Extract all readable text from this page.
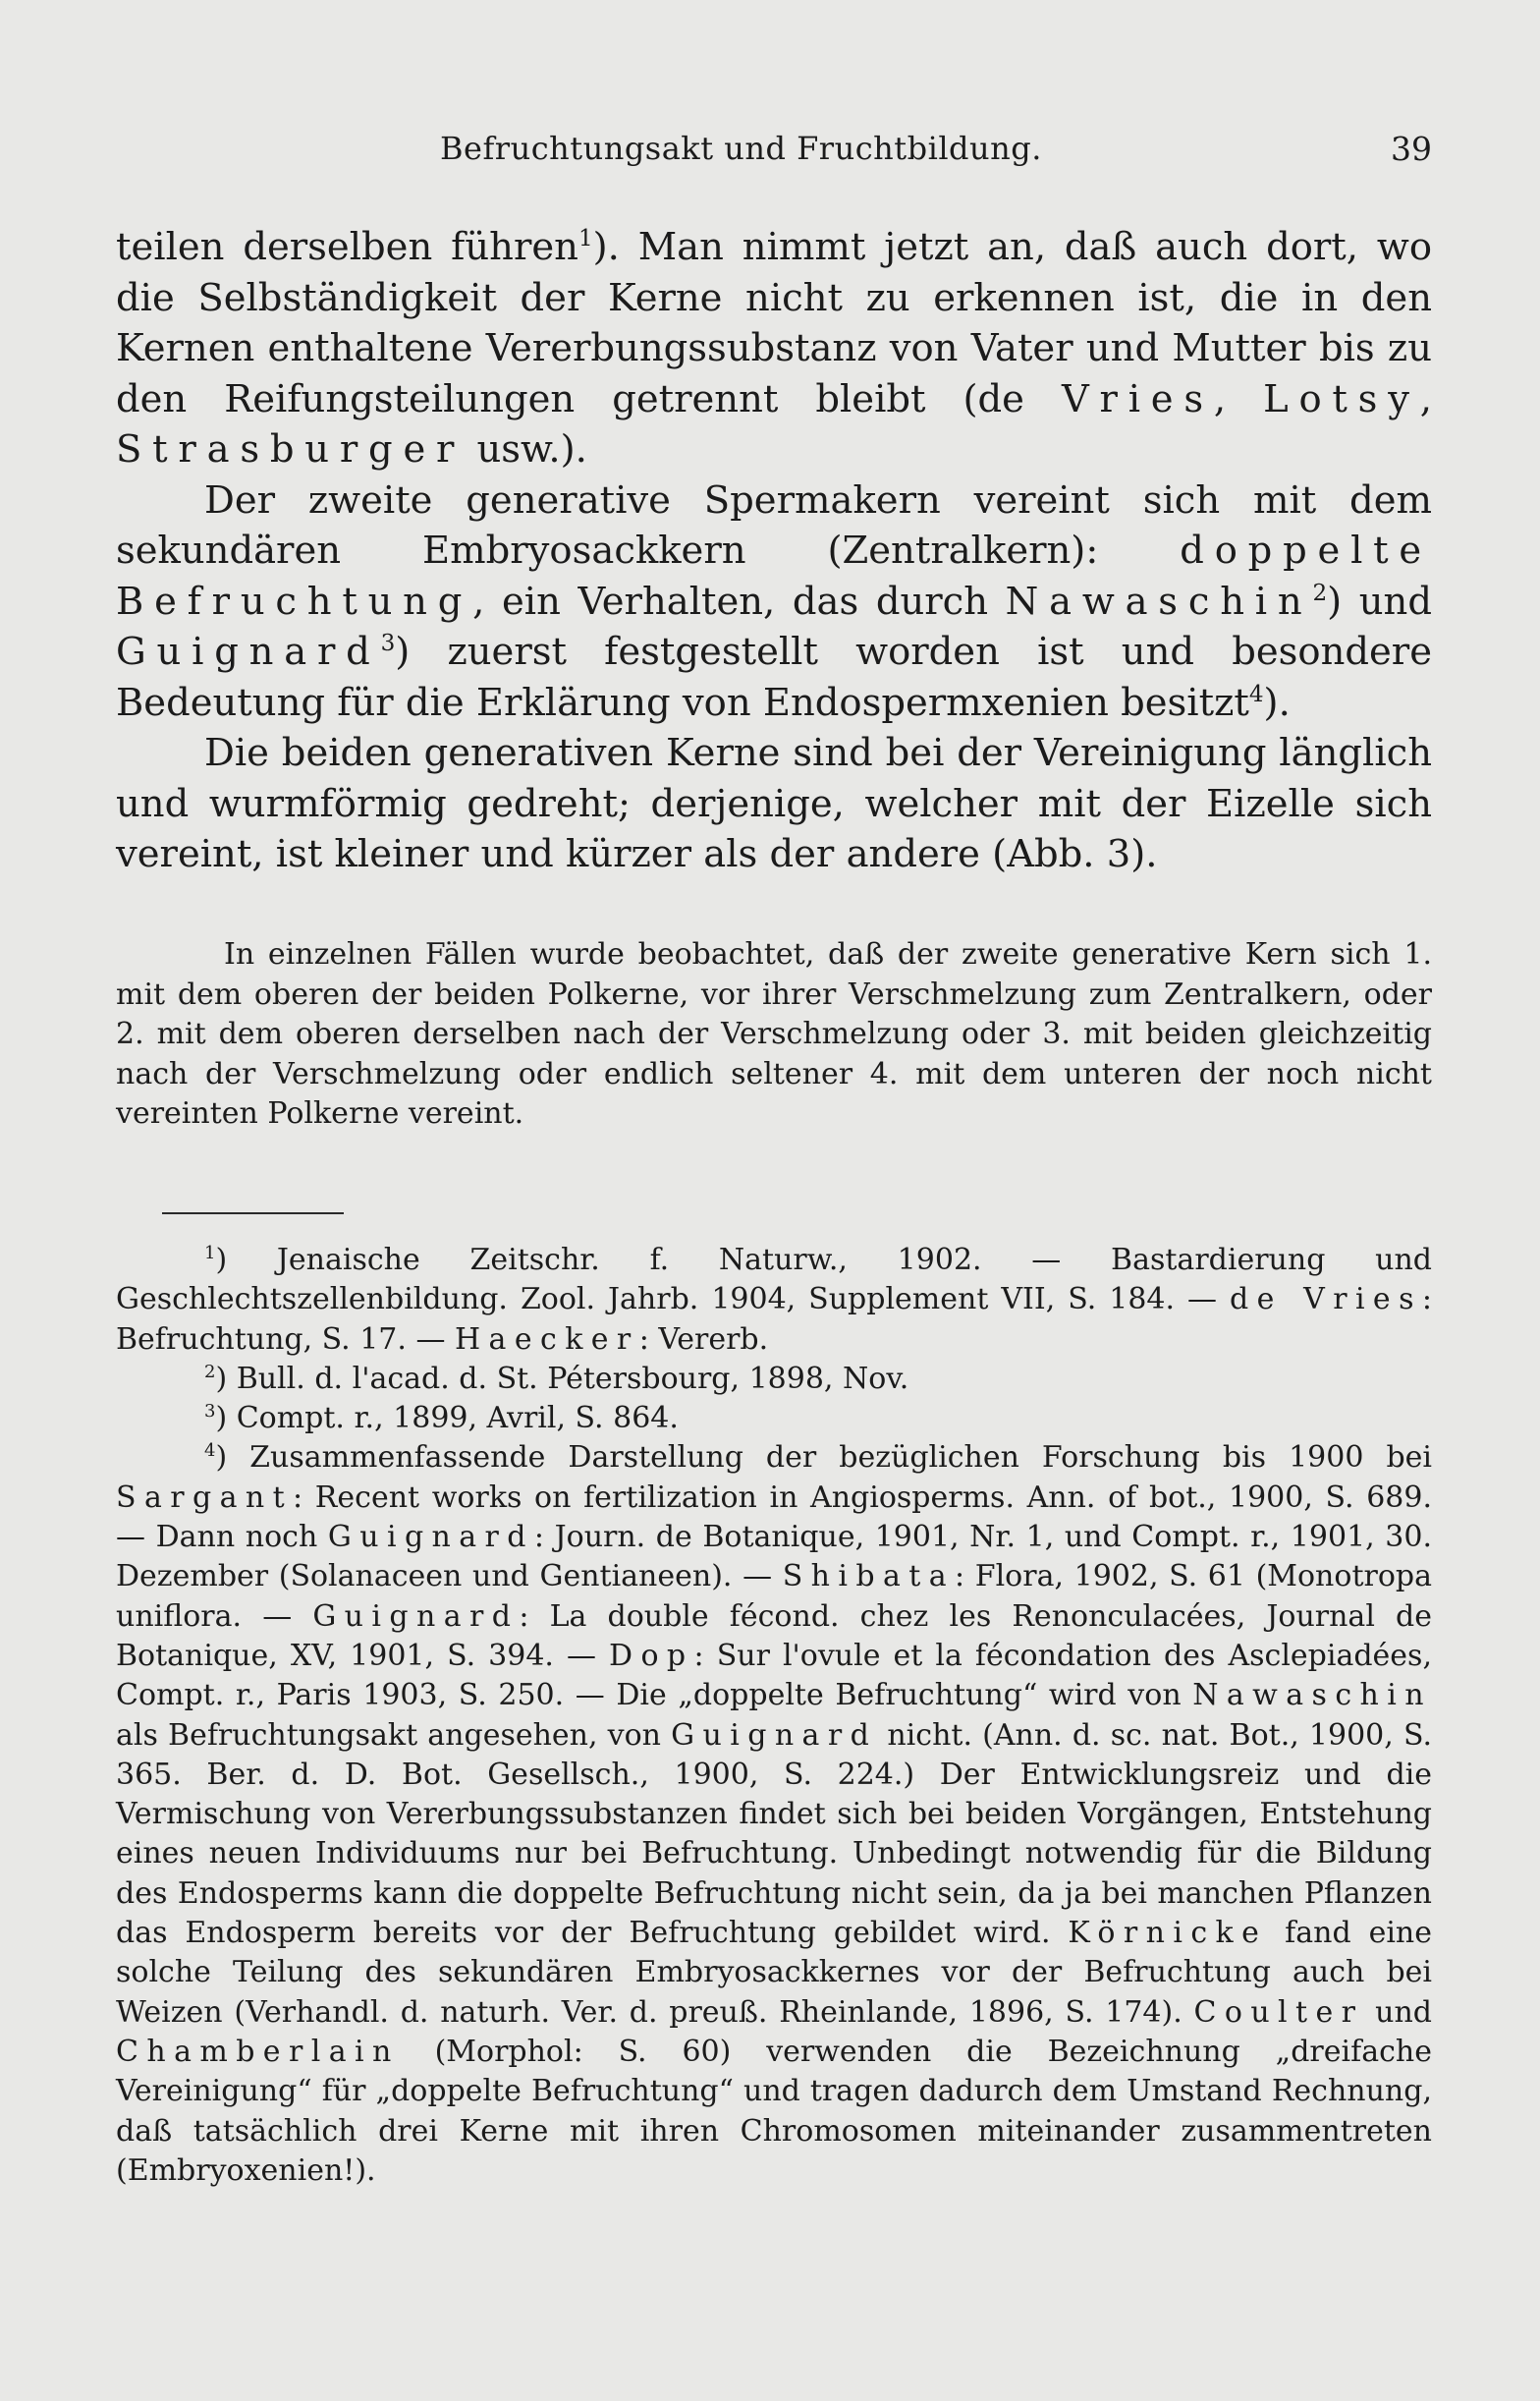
Befruchtungsakt und Fruchtbildung.	39

teilen derselben führen$^1$). Man nimmt jetzt an, daß auch dort, wo die Selbständigkeit der Kerne nicht zu erkennen ist, die in den Kernen enthaltene Vererbungssubstanz von Vater und Mutter bis zu den Reifungsteilungen getrennt bleibt (de Vries, Lotsy, Strasburger usw.).

Der zweite generative Spermakern vereint sich mit dem sekundären Embryosackkern (Zentralkern): doppelte Befruchtung, ein Verhalten, das durch Nawaschin$^2$) und Guignard$^3$) zuerst festgestellt worden ist und besondere Bedeutung für die Erklärung von Endospermxenien besitzt$^4$).

Die beiden generativen Kerne sind bei der Vereinigung länglich und wurmförmig gedreht; derjenige, welcher mit der Eizelle sich vereint, ist kleiner und kürzer als der andere (Abb. 3).

In einzelnen Fällen wurde beobachtet, daß der zweite generative Kern sich 1. mit dem oberen der beiden Polkerne, vor ihrer Verschmelzung zum Zentralkern, oder 2. mit dem oberen derselben nach der Verschmelzung oder 3. mit beiden gleichzeitig nach der Verschmelzung oder endlich seltener 4. mit dem unteren der noch nicht vereinten Polkerne vereint.

$^1$) Jenaische Zeitschr. f. Naturw., 1902. — Bastardierung und Geschlechtszellenbildung. Zool. Jahrb. 1904, Supplement VII, S. 184. — de Vries: Befruchtung, S. 17. — Haecker: Vererb.

$^2$) Bull. d. l'acad. d. St. Pétersbourg, 1898, Nov.

$^3$) Compt. r., 1899, Avril, S. 864.

$^4$) Zusammenfassende Darstellung der bezüglichen Forschung bis 1900 bei Sargant: Recent works on fertilization in Angiosperms. Ann. of bot., 1900, S. 689. — Dann noch Guignard: Journ. de Botanique, 1901, Nr. 1, und Compt. r., 1901, 30. Dezember (Solanaceen und Gentianeen). — Shibata: Flora, 1902, S. 61 (Monotropa uniflora. — Guignard: La double fécond. chez les Renonculacées, Journal de Botanique, XV, 1901, S. 394. — Dop: Sur l'ovule et la fécondation des Asclepiadées, Compt. r., Paris 1903, S. 250. — Die „doppelte Befruchtung“ wird von Nawaschin als Befruchtungsakt angesehen, von Guignard nicht. (Ann. d. sc. nat. Bot., 1900, S. 365. Ber. d. D. Bot. Gesellsch., 1900, S. 224.) Der Entwicklungsreiz und die Vermischung von Vererbungssubstanzen findet sich bei beiden Vorgängen, Entstehung eines neuen Individuums nur bei Befruchtung. Unbedingt notwendig für die Bildung des Endosperms kann die doppelte Befruchtung nicht sein, da ja bei manchen Pflanzen das Endosperm bereits vor der Befruchtung gebildet wird. Körnicke fand eine solche Teilung des sekundären Embryosackkernes vor der Befruchtung auch bei Weizen (Verhandl. d. naturh. Ver. d. preuß. Rheinlande, 1896, S. 174). Coulter und Chamberlain (Morphol: S. 60) verwenden die Bezeichnung „dreifache Vereinigung“ für „doppelte Befruchtung“ und tragen dadurch dem Umstand Rechnung, daß tatsächlich drei Kerne mit ihren Chromosomen miteinander zusammentreten (Embryoxenien!).
